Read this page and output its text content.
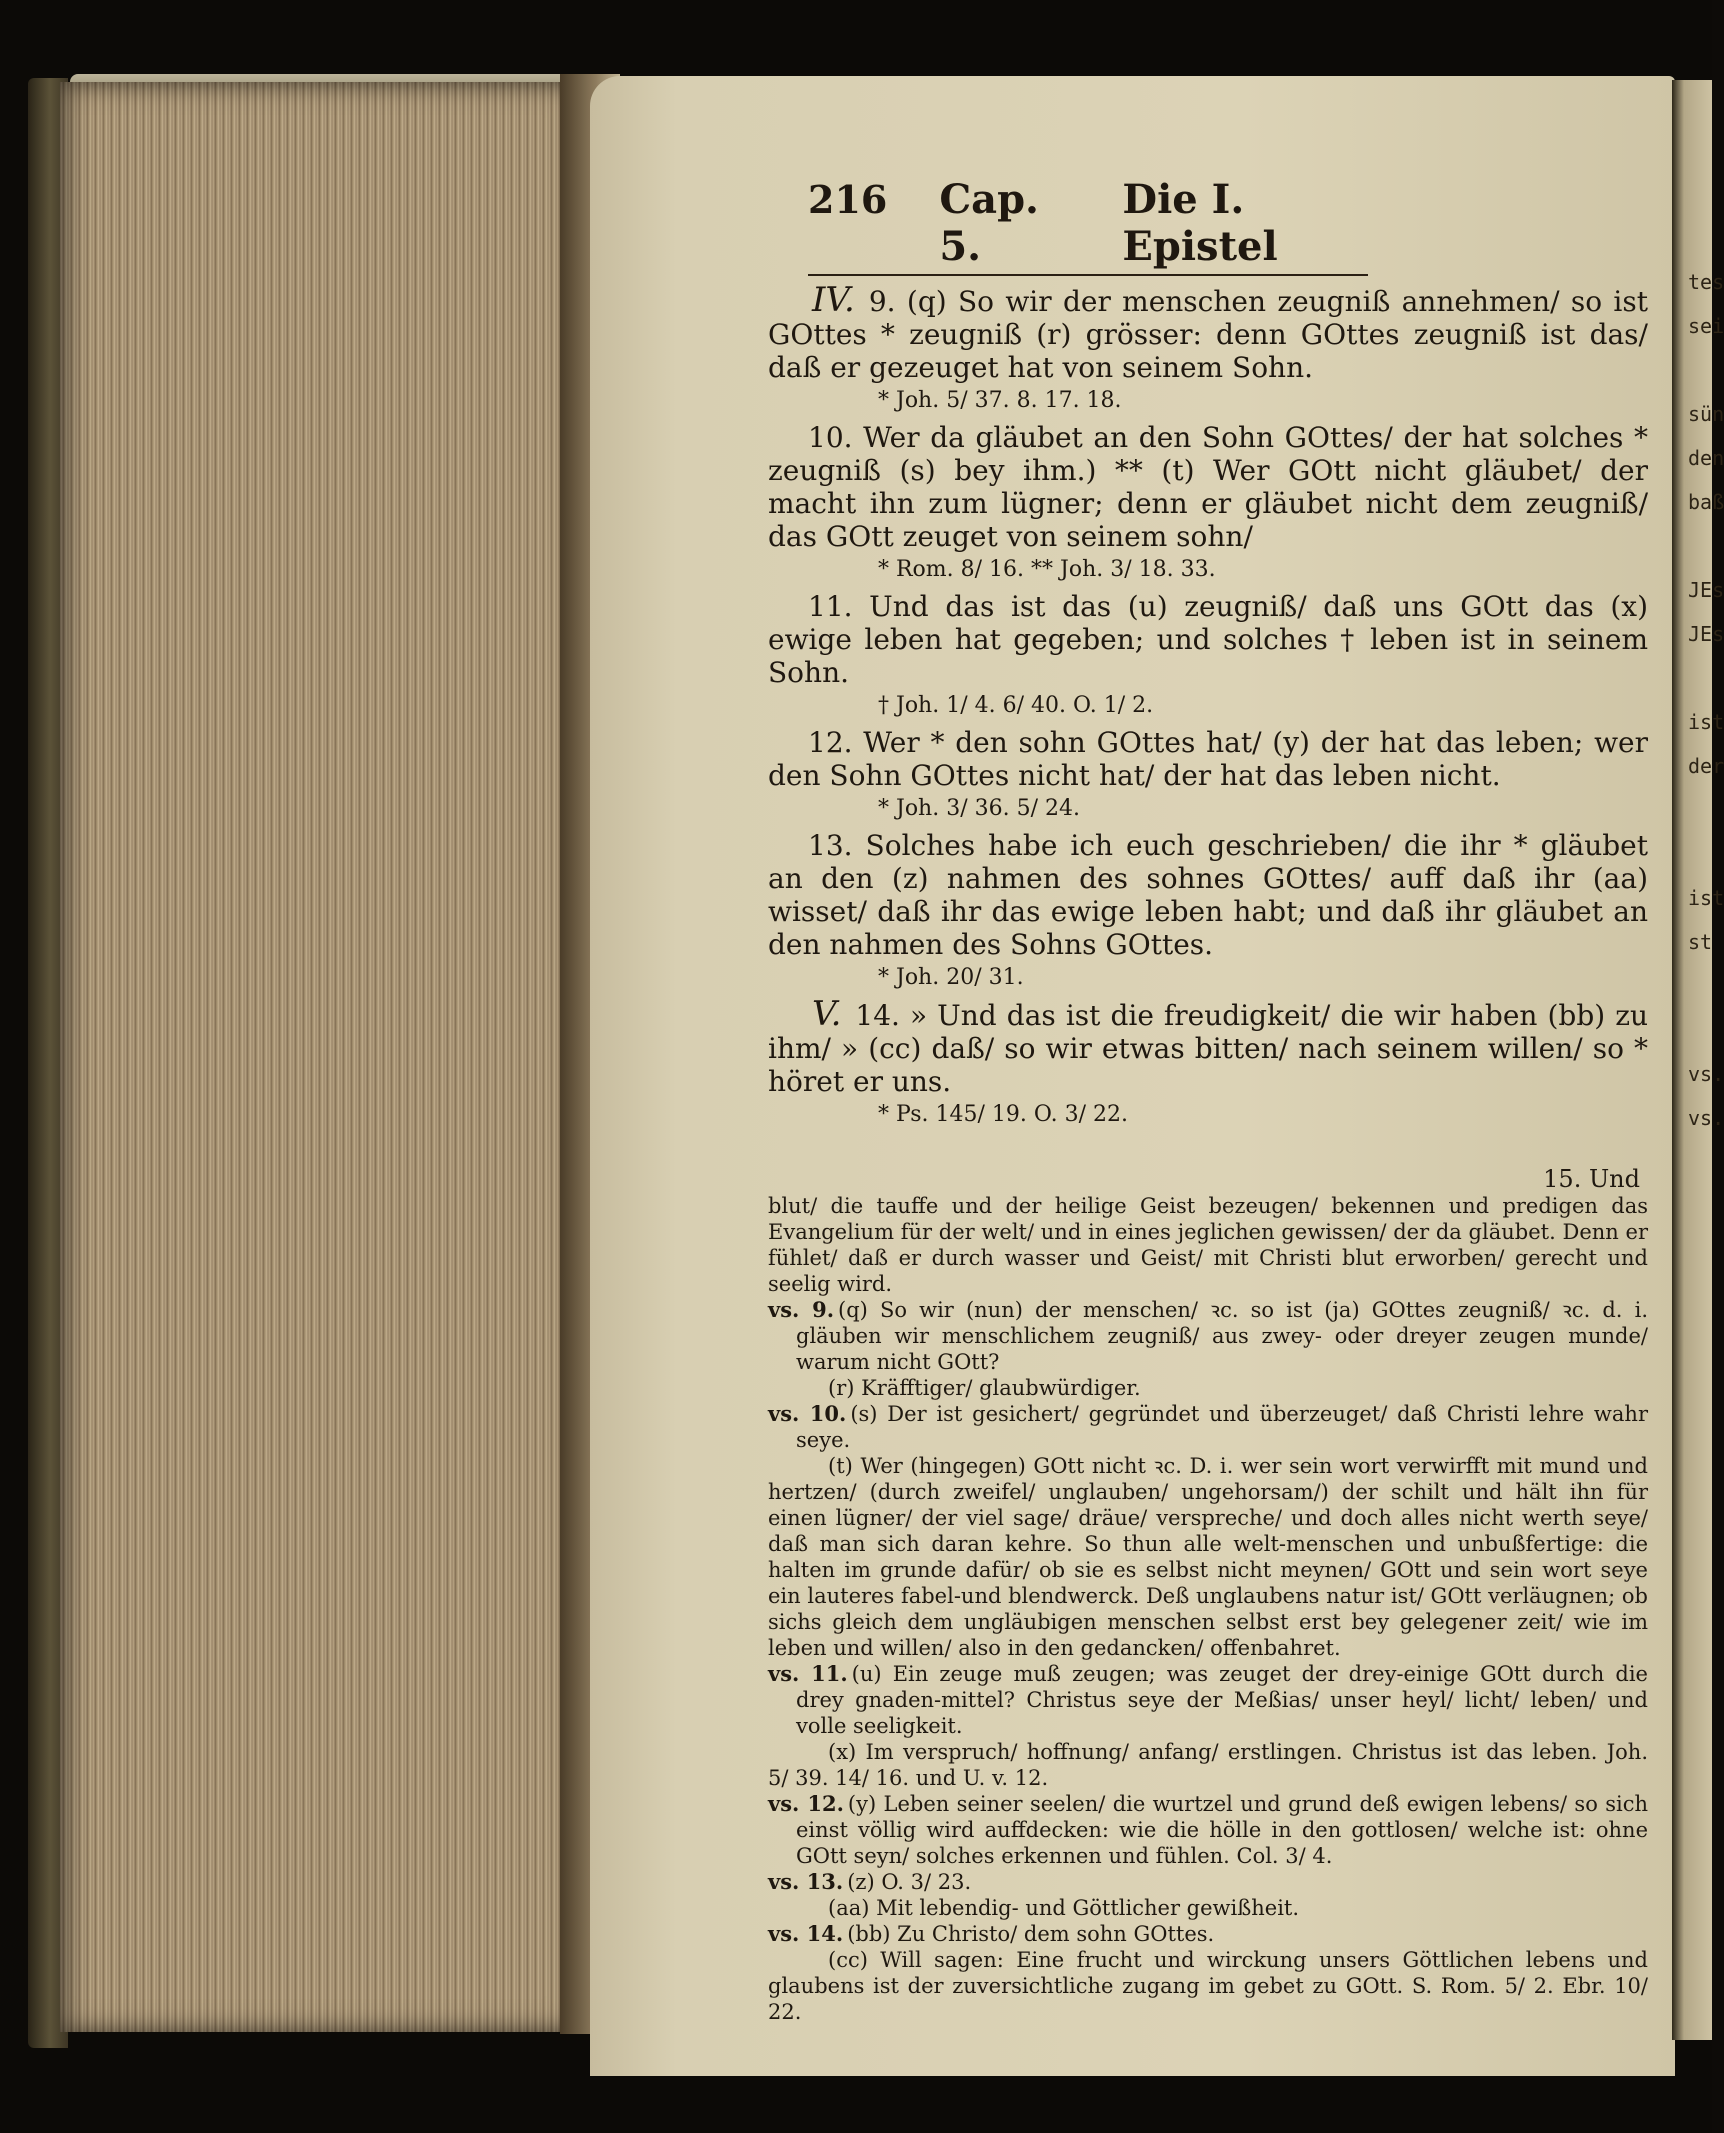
tes
sei

sün
den
baß

JEs
JEs

ist
der

ist
st

vs.
vs.
216 Cap. 5.
Die I. Epistel

IV. 9. (q) So wir der menschen zeugniß annehmen/ so ist GOttes * zeugniß (r) grösser: denn GOttes zeugniß ist das/ daß er gezeuget hat von seinem Sohn.

* Joh. 5/ 37. 8. 17. 18.

10. Wer da gläubet an den Sohn GOttes/ der hat solches * zeugniß (s) bey ihm.) ** (t) Wer GOtt nicht gläubet/ der macht ihn zum lügner; denn er gläubet nicht dem zeugniß/ das GOtt zeuget von seinem sohn/

* Rom. 8/ 16. ** Joh. 3/ 18. 33.

11. Und das ist das (u) zeugniß/ daß uns GOtt das (x) ewige leben hat gegeben; und solches † leben ist in seinem Sohn.

† Joh. 1/ 4. 6/ 40. O. 1/ 2.

12. Wer * den sohn GOttes hat/ (y) der hat das leben; wer den Sohn GOttes nicht hat/ der hat das leben nicht.

* Joh. 3/ 36. 5/ 24.

13. Solches habe ich euch geschrieben/ die ihr * gläubet an den (z) nahmen des sohnes GOttes/ auff daß ihr (aa) wisset/ daß ihr das ewige leben habt; und daß ihr gläubet an den nahmen des Sohns GOttes.

* Joh. 20/ 31.

V. 14. » Und das ist die freudigkeit/ die wir haben (bb) zu ihm/ » (cc) daß/ so wir etwas bitten/ nach seinem willen/ so * höret er uns.

* Ps. 145/ 19. O. 3/ 22.
15. Und

blut/ die tauffe und der heilige Geist bezeugen/ bekennen und predigen das Evangelium für der welt/ und in eines jeglichen gewissen/ der da gläubet. Denn er fühlet/ daß er durch wasser und Geist/ mit Christi blut erworben/ gerecht und seelig wird.

vs. 9. (q) So wir (nun) der menschen/ ꝛc. so ist (ja) GOttes zeugniß/ ꝛc. d. i. gläuben wir menschlichem zeugniß/ aus zwey- oder dreyer zeugen munde/ warum nicht GOtt?

(r) Kräfftiger/ glaubwürdiger.

vs. 10. (s) Der ist gesichert/ gegründet und überzeuget/ daß Christi lehre wahr seye.

(t) Wer (hingegen) GOtt nicht ꝛc. D. i. wer sein wort verwirfft mit mund und hertzen/ (durch zweifel/ unglauben/ ungehorsam/) der schilt und hält ihn für einen lügner/ der viel sage/ dräue/ verspreche/ und doch alles nicht werth seye/ daß man sich daran kehre. So thun alle welt-menschen und unbußfertige: die halten im grunde dafür/ ob sie es selbst nicht meynen/ GOtt und sein wort seye ein lauteres fabel-und blendwerck. Deß unglaubens natur ist/ GOtt verläugnen; ob sichs gleich dem ungläubigen menschen selbst erst bey gelegener zeit/ wie im leben und willen/ also in den gedancken/ offenbahret.

vs. 11. (u) Ein zeuge muß zeugen; was zeuget der drey-einige GOtt durch die drey gnaden-mittel? Christus seye der Meßias/ unser heyl/ licht/ leben/ und volle seeligkeit.

(x) Im verspruch/ hoffnung/ anfang/ erstlingen. Christus ist das leben. Joh. 5/ 39. 14/ 16. und U. v. 12.

vs. 12. (y) Leben seiner seelen/ die wurtzel und grund deß ewigen lebens/ so sich einst völlig wird auffdecken: wie die hölle in den gottlosen/ welche ist: ohne GOtt seyn/ solches erkennen und fühlen. Col. 3/ 4.

vs. 13. (z) O. 3/ 23.

(aa) Mit lebendig- und Göttlicher gewißheit.

vs. 14. (bb) Zu Christo/ dem sohn GOttes.

(cc) Will sagen: Eine frucht und wirckung unsers Göttlichen lebens und glaubens ist der zuversichtliche zugang im gebet zu GOtt. S. Rom. 5/ 2. Ebr. 10/ 22.
